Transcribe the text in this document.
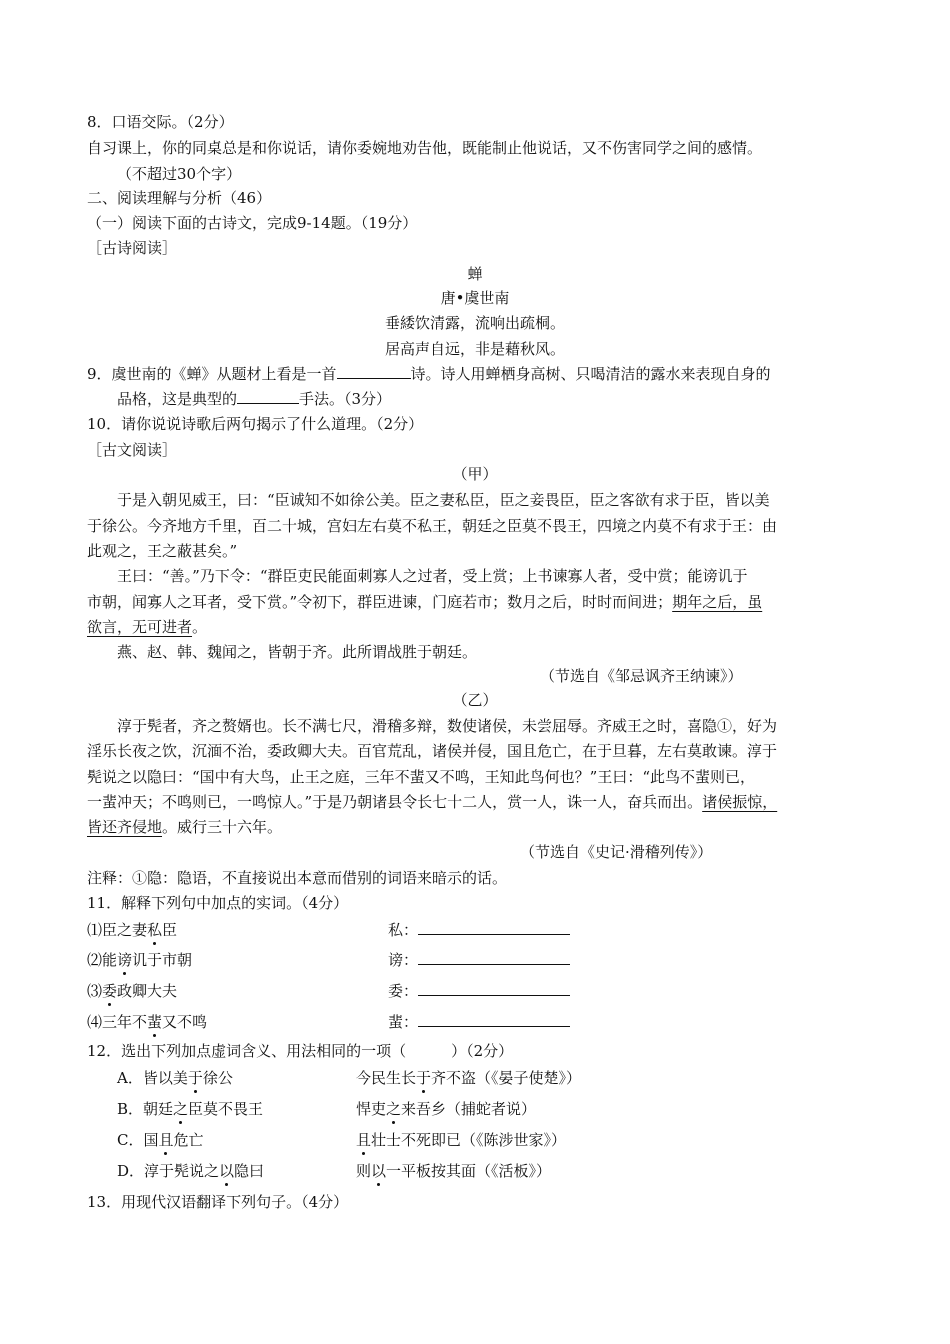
8．口语交际。（2分）
自习课上，你的同桌总是和你说话，请你委婉地劝告他，既能制止他说话，又不伤害同学之间的感情。
（不超过30个字）
二、阅读理解与分析（46）
（一）阅读下面的古诗文，完成9-14题。（19分）
［古诗阅读］
蝉
唐•虞世南
垂緌饮清露，流响出疏桐。
居高声自远，非是藉秋风。
9．虞世南的《蝉》从题材上看是一首	诗。诗人用蝉栖身高树、只喝清洁的露水来表现自身的
品格，这是典型的	手法。（3分）
10．请你说说诗歌后两句揭示了什么道理。（2分）
［古文阅读］
（甲）
于是入朝见威王，曰：“臣诚知不如徐公美。臣之妻私臣，臣之妾畏臣，臣之客欲有求于臣，皆以美
于徐公。今齐地方千里，百二十城，宫妇左右莫不私王，朝廷之臣莫不畏王，四境之内莫不有求于王：由
此观之，王之蔽甚矣。”
王曰：“善。”乃下令：“群臣吏民能面刺寡人之过者，受上赏；上书谏寡人者，受中赏；能谤讥于
市朝，闻寡人之耳者，受下赏。”令初下，群臣进谏，门庭若市；数月之后，时时而间进；期年之后，虽
欲言，无可进者。
燕、赵、韩、魏闻之，皆朝于齐。此所谓战胜于朝廷。
（节选自《邹忌讽齐王纳谏》）
（乙）
淳于髡者，齐之赘婿也。长不满七尺，滑稽多辩，数使诸侯，未尝屈辱。齐威王之时，喜隐①，好为
淫乐长夜之饮，沉湎不治，委政卿大夫。百官荒乱，诸侯并侵，国且危亡，在于旦暮，左右莫敢谏。淳于
髡说之以隐曰：“国中有大鸟，止王之庭，三年不蜚又不鸣，王知此鸟何也？”王曰：“此鸟不蜚则已，
一蜚冲天；不鸣则已，一鸣惊人。”于是乃朝诸县令长七十二人，赏一人，诛一人，奋兵而出。诸侯振惊，
皆还齐侵地。威行三十六年。
（节选自《史记·滑稽列传》）
注释：①隐：隐语，不直接说出本意而借别的词语来暗示的话。
11．解释下列句中加点的实词。（4分）
⑴臣之妻私臣	私：
⑵能谤讥于市朝	谤：
⑶委政卿大夫	委：
⑷三年不蜚又不鸣	蜚：
12．选出下列加点虚词含义、用法相同的一项（　　　）（2分）
A．皆以美于徐公	今民生长于齐不盗（《晏子使楚》）
B．朝廷之臣莫不畏王	悍吏之来吾乡（捕蛇者说）
C．国且危亡	且壮士不死即已（《陈涉世家》）
D．淳于髡说之以隐曰	则以一平板按其面（《活板》）
13．用现代汉语翻译下列句子。（4分）
